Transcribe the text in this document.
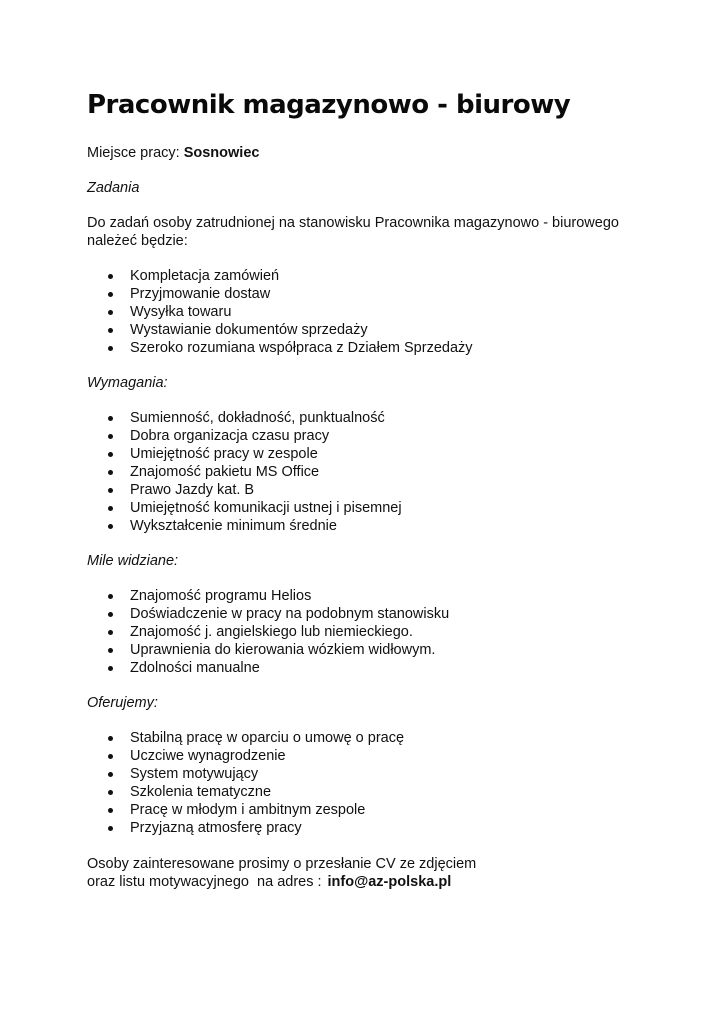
Pracownik magazynowo - biurowy

Miejsce pracy: Sosnowiec

Zadania

Do zadań osoby zatrudnionej na stanowisku Pracownika magazynowo - biurowego

należeć będzie:

Kompletacja zamówień
Przyjmowanie dostaw
Wysyłka towaru
Wystawianie dokumentów sprzedaży
Szeroko rozumiana współpraca z Działem Sprzedaży

Wymagania:

Sumienność, dokładność, punktualność
Dobra organizacja czasu pracy
Umiejętność pracy w zespole
Znajomość pakietu MS Office
Prawo Jazdy kat. B
Umiejętność komunikacji ustnej i pisemnej
Wykształcenie minimum średnie

Mile widziane:

Znajomość programu Helios
Doświadczenie w pracy na podobnym stanowisku
Znajomość j. angielskiego lub niemieckiego.
Uprawnienia do kierowania wózkiem widłowym.
Zdolności manualne

Oferujemy:

Stabilną pracę w oparciu o umowę o pracę
Uczciwe wynagrodzenie
System motywujący
Szkolenia tematyczne
Pracę w młodym i ambitnym zespole
Przyjazną atmosferę pracy

Osoby zainteresowane prosimy o przesłanie CV ze zdjęciem

oraz listu motywacyjnego  na adres : info@az-polska.pl
